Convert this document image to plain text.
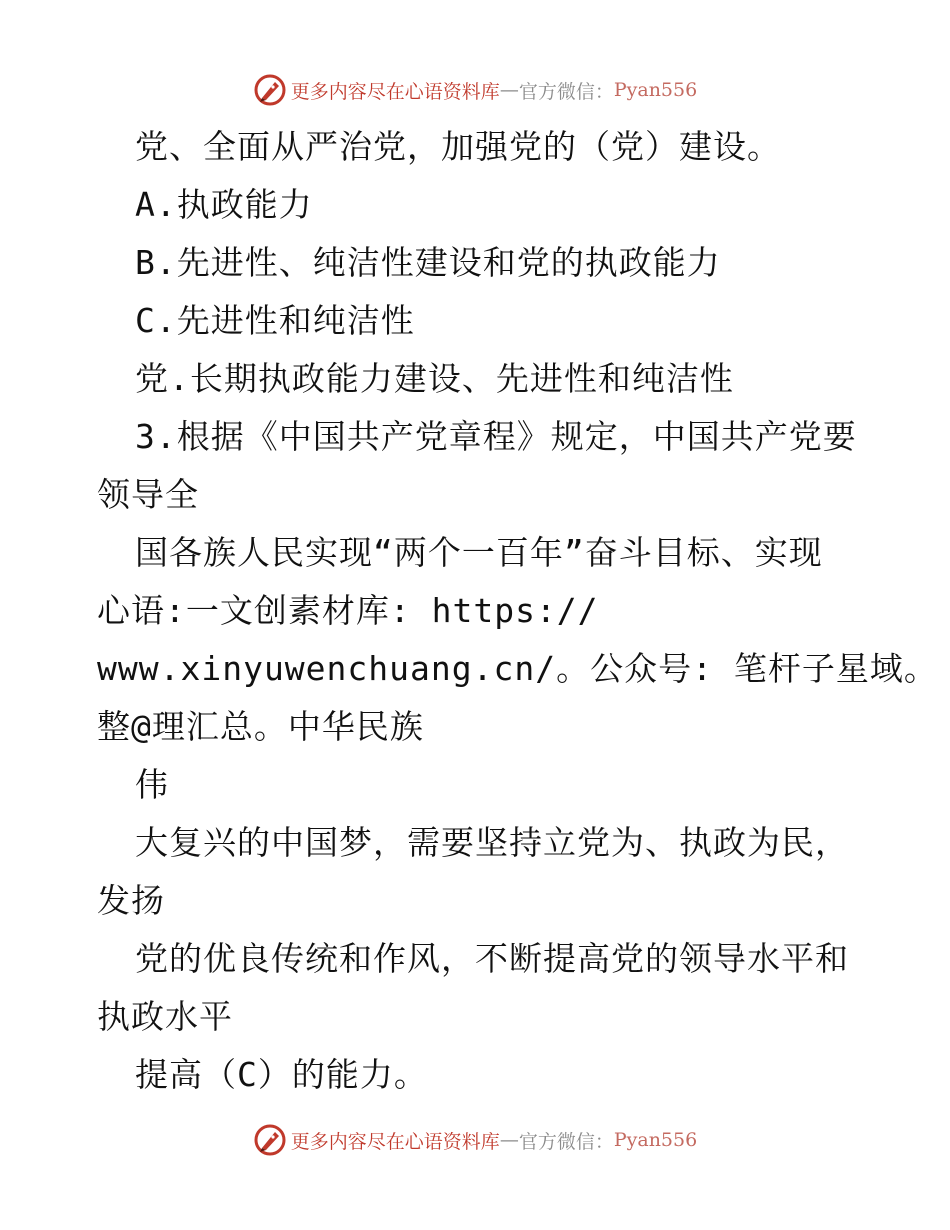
更多内容尽在心语资料库 — 官方微信 ： Pyan556
党、全面从严治党，加强党的（党）建设。
A.执政能力
B.先进性、纯洁性建设和党的执政能力
C.先进性和纯洁性
党.长期执政能力建设、先进性和纯洁性
3.根据《中国共产党章程》规定，中国共产党要
领导全
国各族人民实现“两个一百年”奋斗目标、实现
心语:一文创素材库: https://
www.xinyuwenchuang.cn/。公众号: 笔杆子星域。
整@理汇总。中华民族
伟
大复兴的中国梦，需要坚持立党为、执政为民，
发扬
党的优良传统和作风，不断提高党的领导水平和
执政水平
提高（C）的能力。
更多内容尽在心语资料库 — 官方微信 ： Pyan556
